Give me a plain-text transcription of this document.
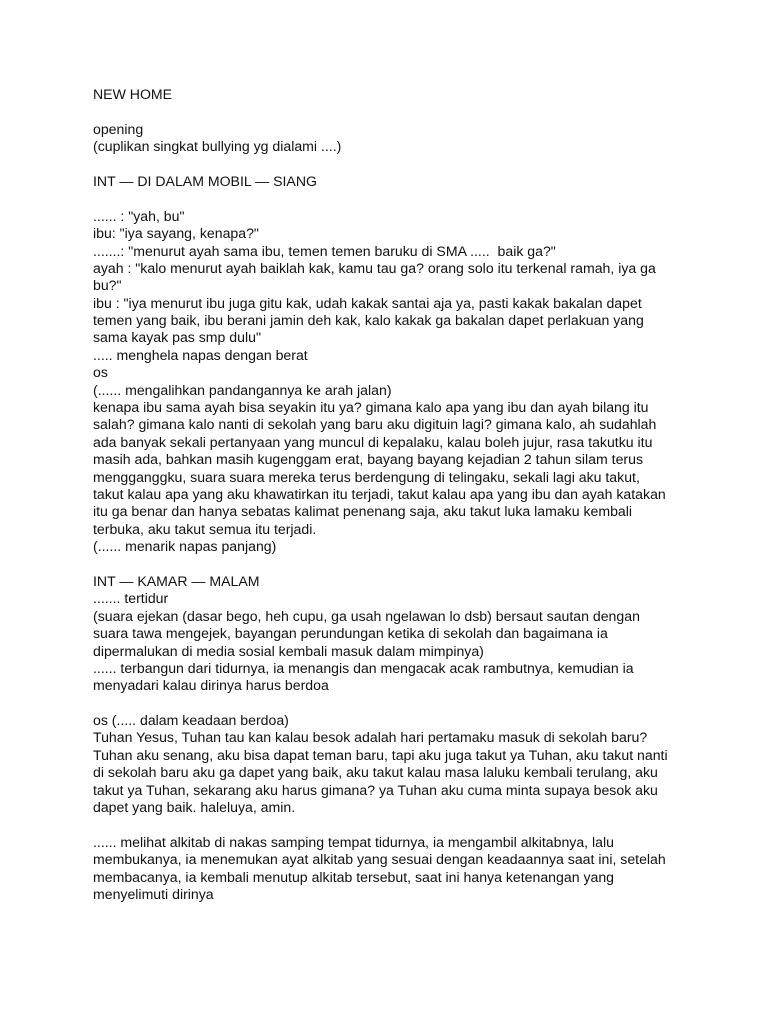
NEW HOME
opening
(cuplikan singkat bullying yg dialami ....)
INT — DI DALAM MOBIL — SIANG
...... : "yah, bu"
ibu: "iya sayang, kenapa?"
.......: "menurut ayah sama ibu, temen temen baruku di SMA .....  baik ga?"
ayah : "kalo menurut ayah baiklah kak, kamu tau ga? orang solo itu terkenal ramah, iya ga
bu?"
ibu : "iya menurut ibu juga gitu kak, udah kakak santai aja ya, pasti kakak bakalan dapet
temen yang baik, ibu berani jamin deh kak, kalo kakak ga bakalan dapet perlakuan yang
sama kayak pas smp dulu"
..... menghela napas dengan berat
os
(...... mengalihkan pandangannya ke arah jalan)
kenapa ibu sama ayah bisa seyakin itu ya? gimana kalo apa yang ibu dan ayah bilang itu
salah? gimana kalo nanti di sekolah yang baru aku digituin lagi? gimana kalo, ah sudahlah
ada banyak sekali pertanyaan yang muncul di kepalaku, kalau boleh jujur, rasa takutku itu
masih ada, bahkan masih kugenggam erat, bayang bayang kejadian 2 tahun silam terus
mengganggku, suara suara mereka terus berdengung di telingaku, sekali lagi aku takut,
takut kalau apa yang aku khawatirkan itu terjadi, takut kalau apa yang ibu dan ayah katakan
itu ga benar dan hanya sebatas kalimat penenang saja, aku takut luka lamaku kembali
terbuka, aku takut semua itu terjadi.
(...... menarik napas panjang)
INT — KAMAR — MALAM
....... tertidur
(suara ejekan (dasar bego, heh cupu, ga usah ngelawan lo dsb) bersaut sautan dengan
suara tawa mengejek, bayangan perundungan ketika di sekolah dan bagaimana ia
dipermalukan di media sosial kembali masuk dalam mimpinya)
...... terbangun dari tidurnya, ia menangis dan mengacak acak rambutnya, kemudian ia
menyadari kalau dirinya harus berdoa
os (..... dalam keadaan berdoa)
Tuhan Yesus, Tuhan tau kan kalau besok adalah hari pertamaku masuk di sekolah baru?
Tuhan aku senang, aku bisa dapat teman baru, tapi aku juga takut ya Tuhan, aku takut nanti
di sekolah baru aku ga dapet yang baik, aku takut kalau masa laluku kembali terulang, aku
takut ya Tuhan, sekarang aku harus gimana? ya Tuhan aku cuma minta supaya besok aku
dapet yang baik. haleluya, amin.
...... melihat alkitab di nakas samping tempat tidurnya, ia mengambil alkitabnya, lalu
membukanya, ia menemukan ayat alkitab yang sesuai dengan keadaannya saat ini, setelah
membacanya, ia kembali menutup alkitab tersebut, saat ini hanya ketenangan yang
menyelimuti dirinya
